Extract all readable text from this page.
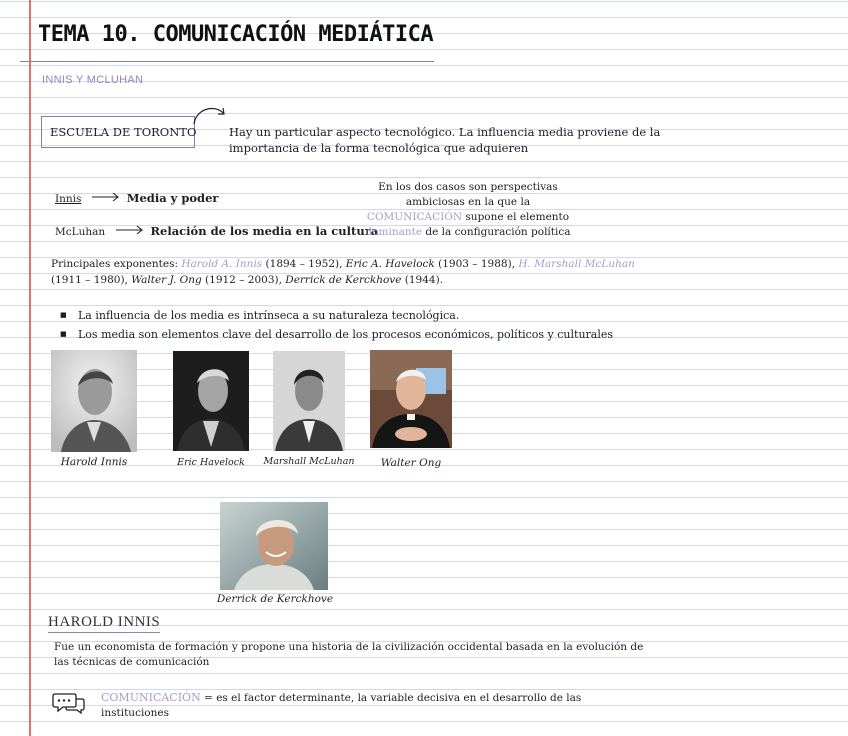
TEMA 10. COMUNICACIÓN MEDIÁTICA
INNIS Y MCLUHAN
ESCUELA DE TORONTO	Hay un particular aspecto tecnológico. La influencia media proviene de la
importancia de la forma tecnológica que adquieren
Innis	Media y poder
McLuhan	Relación de los media en la cultura
En los dos casos son perspectivas
ambiciosas en la que la
COMUNICACIÓN supone el elemento
dominante de la configuración política
Principales exponentes: Harold A. Innis (1894 – 1952), Eric A. Havelock (1903 – 1988), H. Marshall McLuhan
(1911 – 1980), Walter J. Ong (1912 – 2003), Derrick de Kerckhove (1944).
■ La influencia de los media es intrínseca a su naturaleza tecnológica.
■ Los media son elementos clave del desarrollo de los procesos económicos, políticos y culturales
Harold Innis	Eric Havelock	Marshall McLuhan	Walter Ong
Derrick de Kerckhove
HAROLD INNIS
Fue un economista de formación y propone una historia de la civilización occidental basada en la evolución de
las técnicas de comunicación
COMUNICACIÓN = es el factor determinante, la variable decisiva en el desarrollo de las
instituciones
